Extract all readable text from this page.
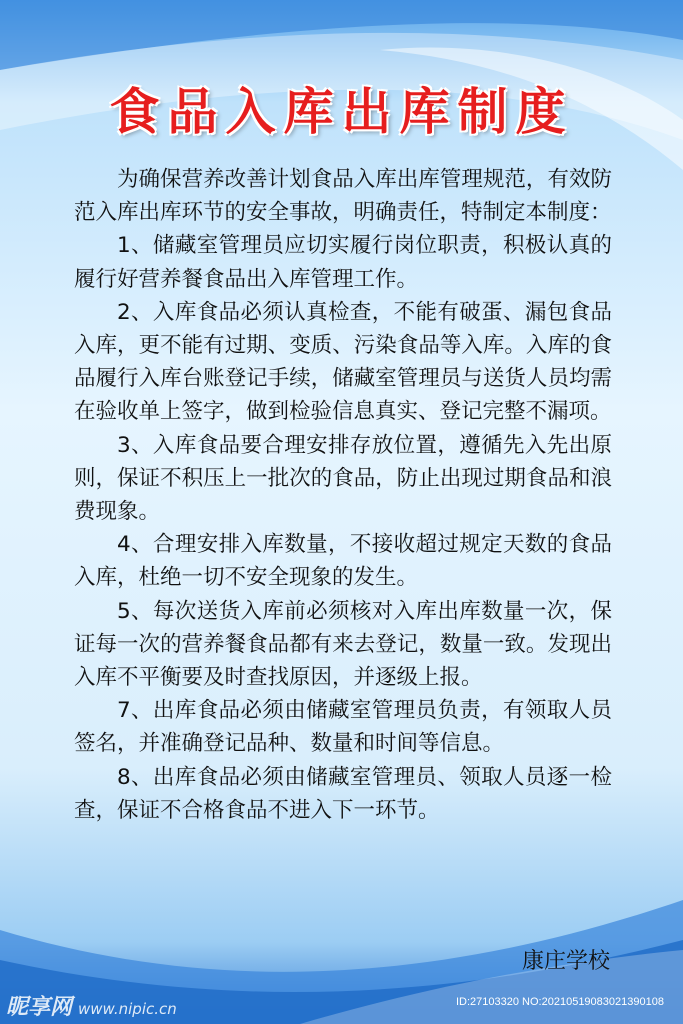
食品入库出库制度

为确保营养改善计划食品入库出库管理规范，有效防范入库出库环节的安全事故，明确责任，特制定本制度：

1、储藏室管理员应切实履行岗位职责，积极认真的履行好营养餐食品出入库管理工作。

2、入库食品必须认真检查，不能有破蛋、漏包食品入库，更不能有过期、变质、污染食品等入库。入库的食品履行入库台账登记手续，储藏室管理员与送货人员均需在验收单上签字，做到检验信息真实、登记完整不漏项。

3、入库食品要合理安排存放位置，遵循先入先出原则，保证不积压上一批次的食品，防止出现过期食品和浪费现象。

4、合理安排入库数量，不接收超过规定天数的食品入库，杜绝一切不安全现象的发生。

5、每次送货入库前必须核对入库出库数量一次，保证每一次的营养餐食品都有来去登记，数量一致。发现出入库不平衡要及时查找原因，并逐级上报。

7、出库食品必须由储藏室管理员负责，有领取人员签名，并准确登记品种、数量和时间等信息。

8、出库食品必须由储藏室管理员、领取人员逐一检查，保证不合格食品不进入下一环节。

康庄学校
昵享网 www.nipic.cn	ID:27103320 NO:20210519083021390108
